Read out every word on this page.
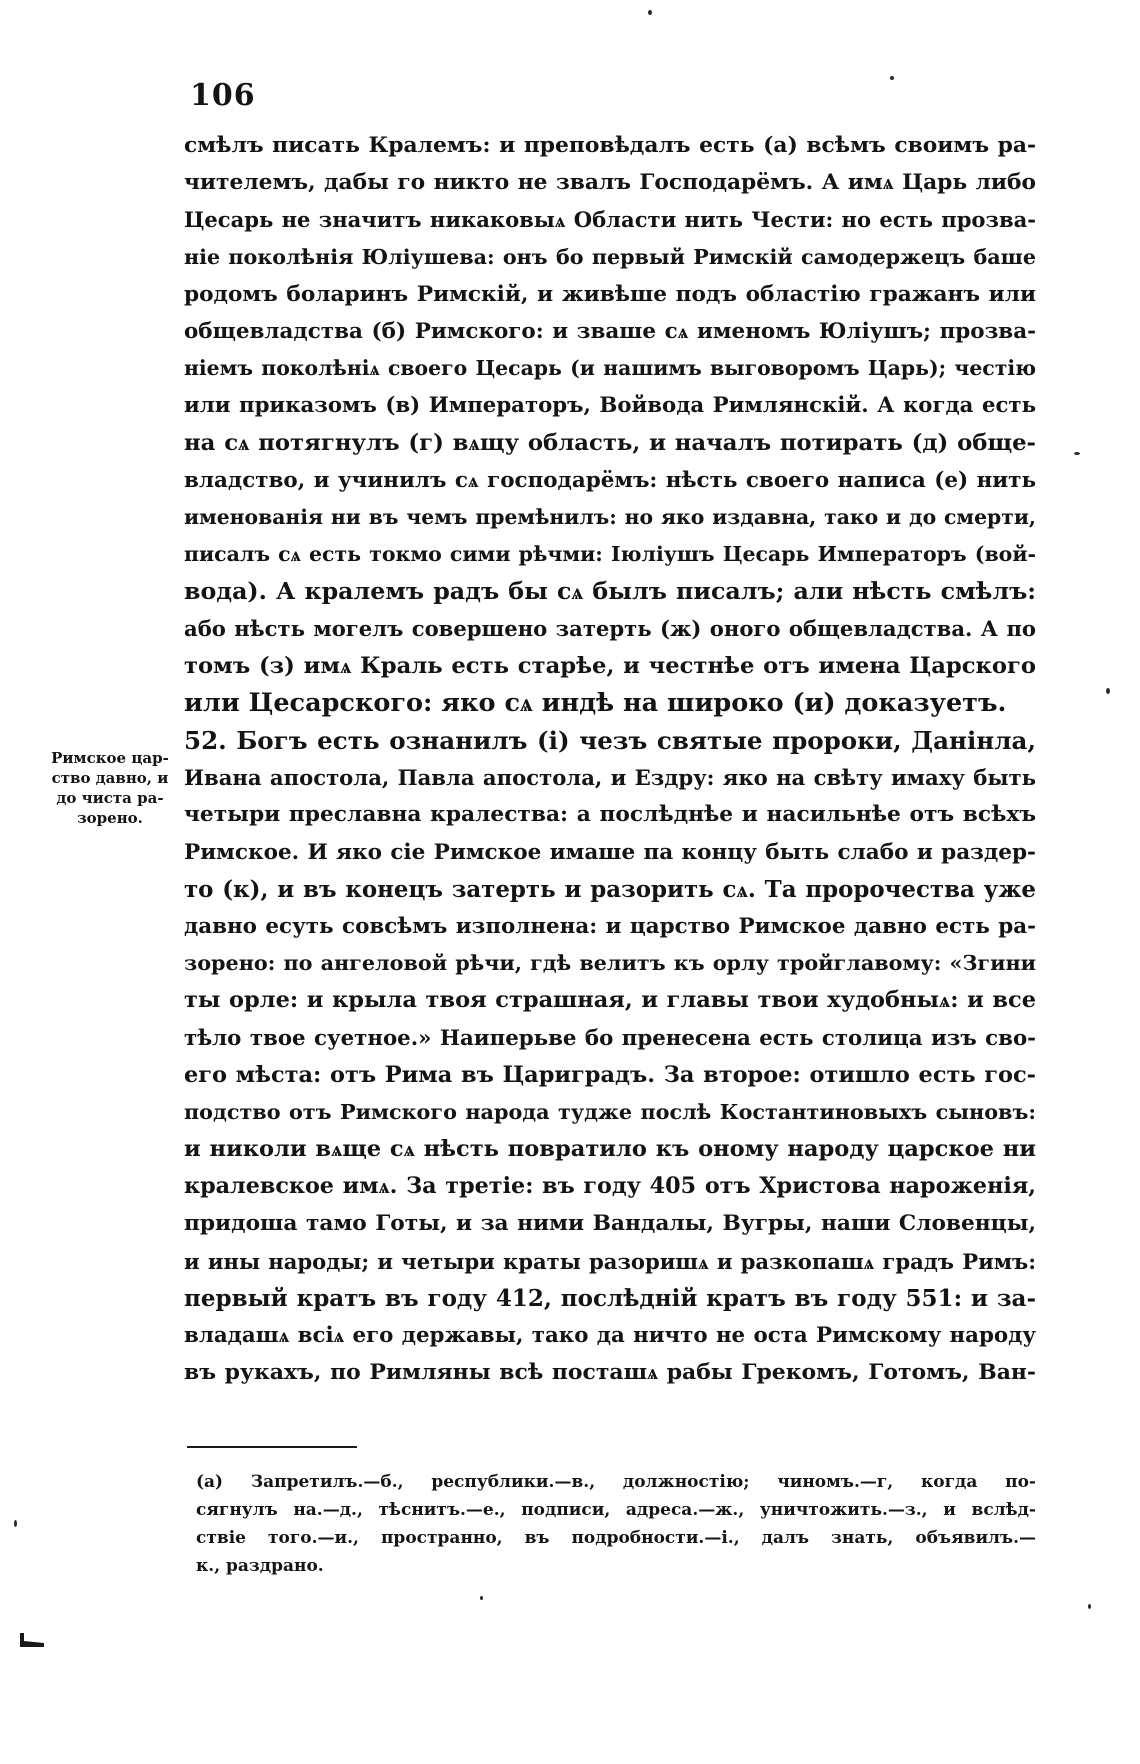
106
смѣлъ писать Кралемъ: и преповѣдалъ есть (а) всѣмъ своимъ ра-
чителемъ, дабы го никто не звалъ Господарёмъ. А имѧ Царь либо
Цесарь не значитъ никаковыѧ Области нить Чести: но есть прозва-
ніе поколѣнія Юліушева: онъ бо первый Римскій самодержецъ баше
родомъ боларинъ Римскій, и живѣше подъ областію гражанъ или
общевладства (б) Римского: и зваше сѧ именомъ Юліушъ; прозва-
ніемъ поколѣніѧ своего Цесарь (и нашимъ выговоромъ Царь); честію
или приказомъ (в) Императоръ, Войвода Римлянскій. А когда есть
на сѧ потягнулъ (г) вѧщу область, и началъ потирать (д) обще-
владство, и учинилъ сѧ господарёмъ: нѣсть своего написа (е) нить
именованія ни въ чемъ премѣнилъ: но яко издавна, тако и до смерти,
писалъ сѧ есть токмо сими рѣчми: Іюліушъ Цесарь Императоръ (вой-
вода). А кралемъ радъ бы сѧ былъ писалъ; али нѣсть смѣлъ:
або нѣсть могелъ совершено затерть (ж) оного общевладства. А по
томъ (з) имѧ Краль есть старѣе, и честнѣе отъ имена Царского
или Цесарского: яко сѧ индѣ на широко (и) доказуетъ.
52. Богъ есть ознанилъ (і) чезъ святые пророки, Данінла,
Ивана апостола, Павла апостола, и Ездру: яко на свѣту имаху быть
четыри преславна кралества: а послѣднѣе и насильнѣе отъ всѣхъ
Римское. И яко сіе Римское имаше па концу быть слабо и раздер-
то (к), и въ конецъ затерть и разорить сѧ. Та пророчества уже
давно есуть совсѣмъ изполнена: и царство Римское давно есть ра-
зорено: по ангеловой рѣчи, гдѣ велитъ къ орлу тройглавому: «Згини
ты орле: и крыла твоя страшная, и главы твои худобныѧ: и все
тѣло твое суетное.» Наиперьве бо прeнесена есть столица изъ сво-
его мѣста: отъ Рима въ Цариградъ. За второе: отишло есть гос-
подство отъ Римского народа тудже послѣ Костантиновыхъ сыновъ:
и николи вѧще сѧ нѣсть повратило къ оному народу царское ни
кралевское имѧ. За третіе: въ году 405 отъ Христова нарожeнія,
придоша тамо Готы, и за ними Вандалы, Вугры, наши Словенцы,
и ины народы; и четыри краты разоришѧ и разкопашѧ градъ Римъ:
первый кратъ въ году 412, послѣдній кратъ въ году 551: и за-
владашѧ всіѧ его державы, тако да ничто не оста Римскому народу
въ рукахъ, по Римляны всѣ посташѧ рабы Грекомъ, Готомъ, Ван-
Римское цар-
ство давно, и
до чиста ра-
зорено.
(а) Запретилъ.—б., республики.—в., должностію; чиномъ.—г, когда по-
сягнулъ на.—д., тѣснитъ.—е., подписи, адреса.—ж., уничтожить.—з., и вслѣд-
ствіе того.—и., пространно, въ подробности.—і., далъ знать, объявилъ.—
к., раздрано.
